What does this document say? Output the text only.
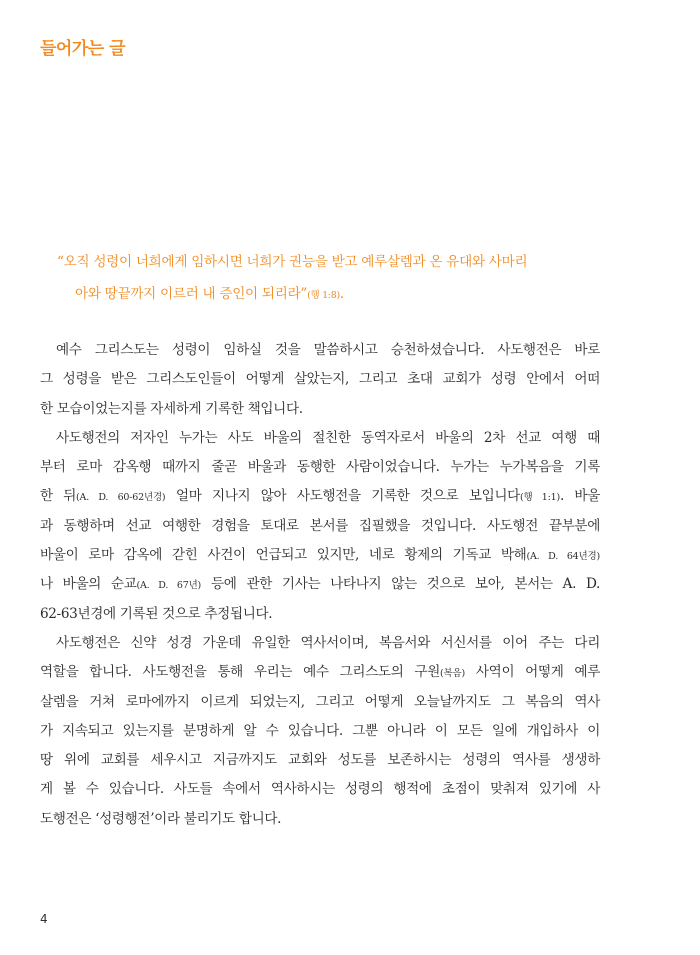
들어가는 글
“오직 성령이 너희에게 임하시면 너희가 권능을 받고 예루살렘과 온 유대와 사마리
아와 땅끝까지 이르러 내 증인이 되리라”(행 1:8).
예수 그리스도는 성령이 임하실 것을 말씀하시고 승천하셨습니다. 사도행전은 바로
그 성령을 받은 그리스도인들이 어떻게 살았는지, 그리고 초대 교회가 성령 안에서 어떠
한 모습이었는지를 자세하게 기록한 책입니다.
사도행전의 저자인 누가는 사도 바울의 절친한 동역자로서 바울의 2차 선교 여행 때
부터 로마 감옥행 때까지 줄곧 바울과 동행한 사람이었습니다. 누가는 누가복음을 기록
한 뒤(A. D. 60-62년경) 얼마 지나지 않아 사도행전을 기록한 것으로 보입니다(행 1:1). 바울
과 동행하며 선교 여행한 경험을 토대로 본서를 집필했을 것입니다. 사도행전 끝부분에
바울이 로마 감옥에 갇힌 사건이 언급되고 있지만, 네로 황제의 기독교 박해(A. D. 64년경)
나 바울의 순교(A. D. 67년) 등에 관한 기사는 나타나지 않는 것으로 보아, 본서는 A. D.
62-63년경에 기록된 것으로 추정됩니다.
사도행전은 신약 성경 가운데 유일한 역사서이며, 복음서와 서신서를 이어 주는 다리
역할을 합니다. 사도행전을 통해 우리는 예수 그리스도의 구원(복음) 사역이 어떻게 예루
살렘을 거쳐 로마에까지 이르게 되었는지, 그리고 어떻게 오늘날까지도 그 복음의 역사
가 지속되고 있는지를 분명하게 알 수 있습니다. 그뿐 아니라 이 모든 일에 개입하사 이
땅 위에 교회를 세우시고 지금까지도 교회와 성도를 보존하시는 성령의 역사를 생생하
게 볼 수 있습니다. 사도들 속에서 역사하시는 성령의 행적에 초점이 맞춰져 있기에 사
도행전은 ‘성령행전’이라 불리기도 합니다.
4
